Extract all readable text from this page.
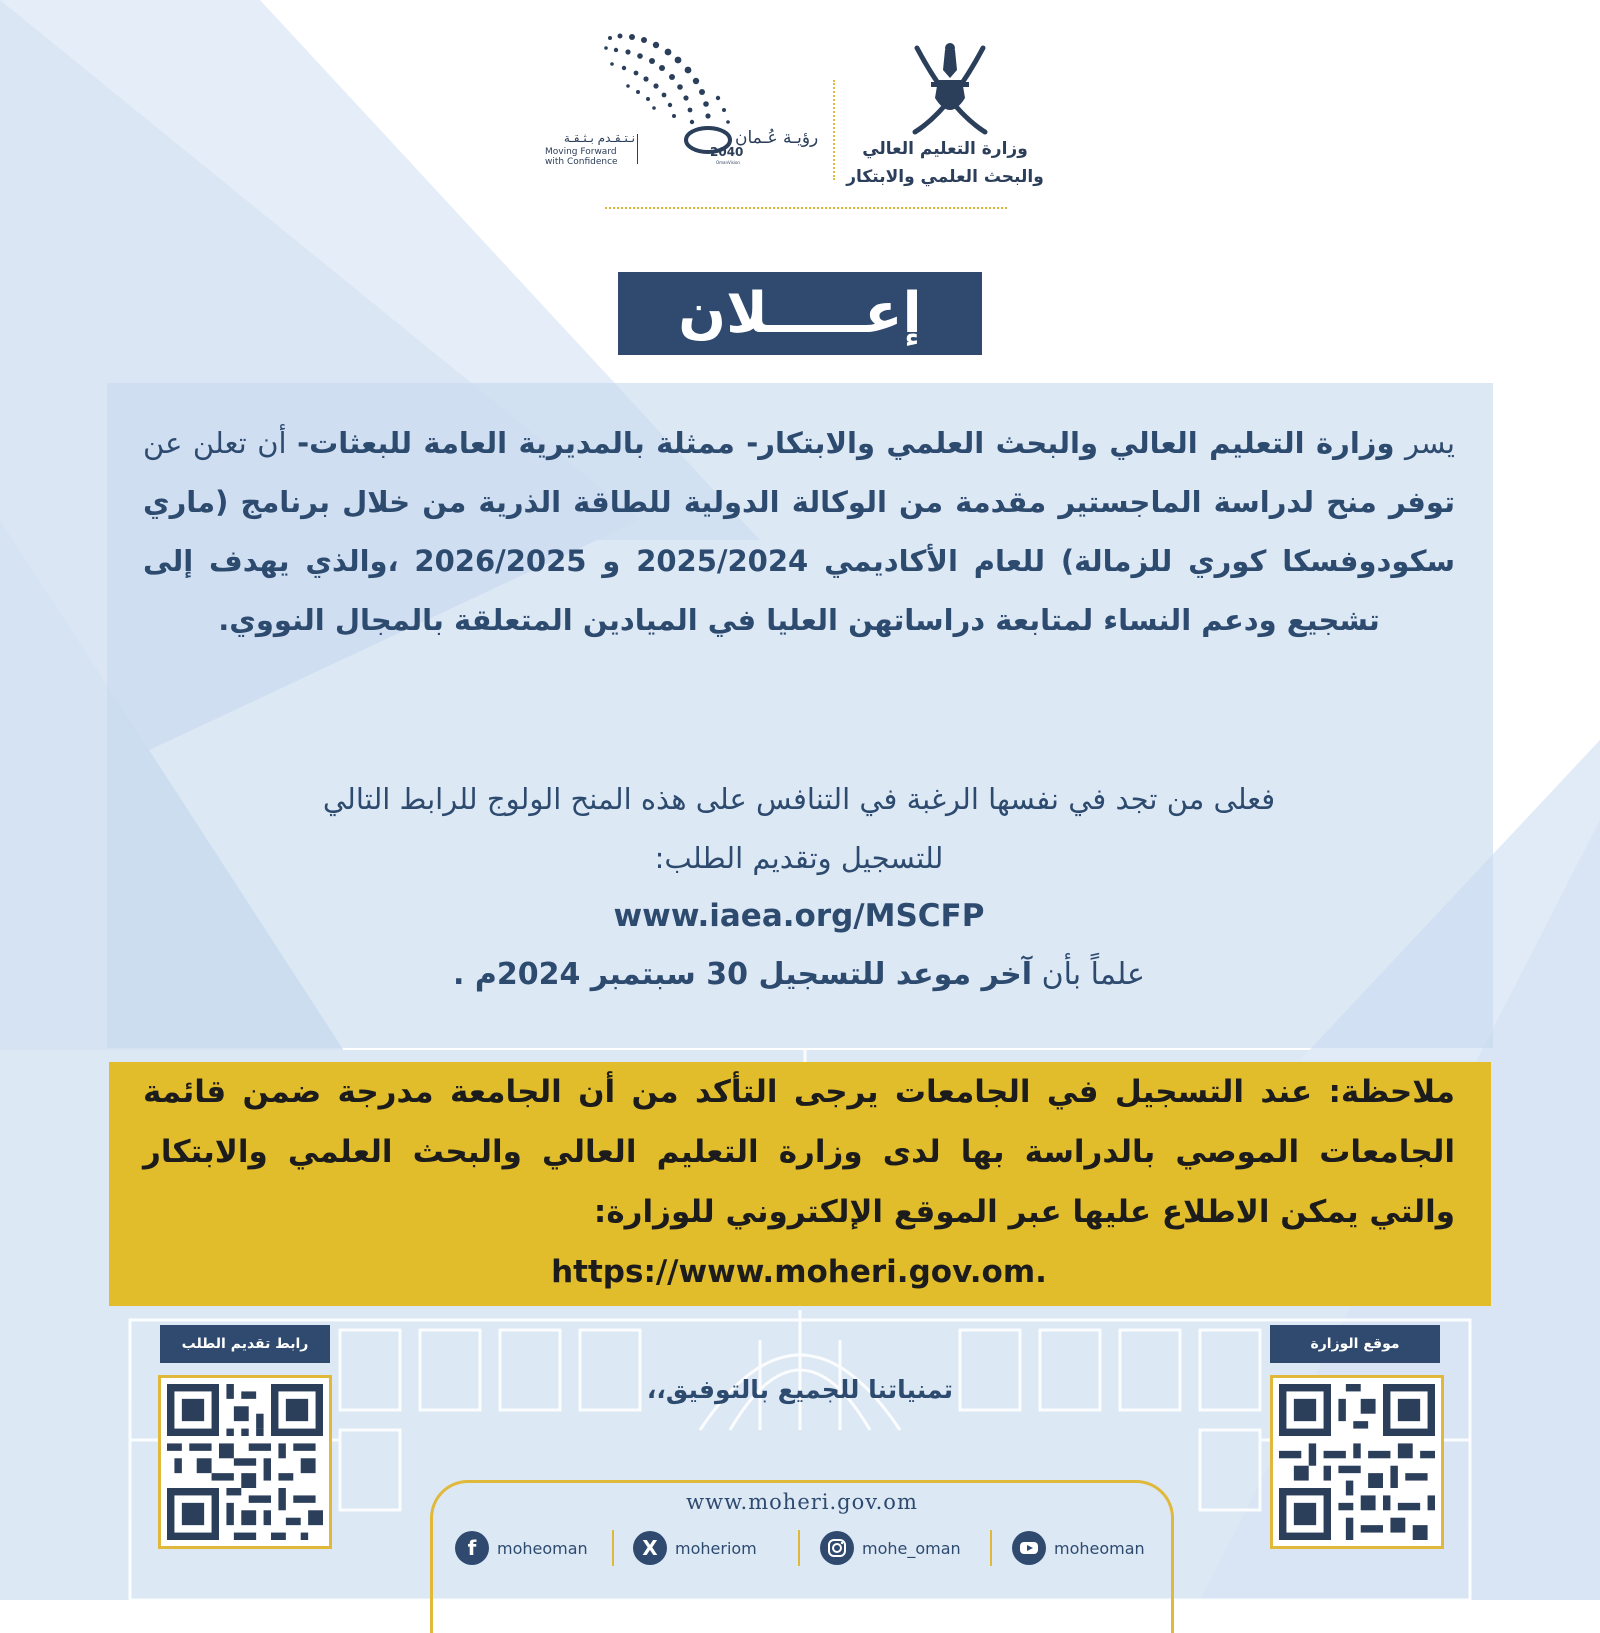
وزارة التعليم العالي
والبحث العلمي والابتكار
رؤيـة عُـمان
2040
OmanVision
نـتـقـدم بـثـقـة
Moving Forward
with Confidence
إعـــــلان
يسر وزارة التعليم العالي والبحث العلمي والابتكار- ممثلة بالمديرية العامة للبعثات- أن تعلن عن توفر منح لدراسة الماجستير مقدمة من الوكالة الدولية للطاقة الذرية من خلال برنامج (ماري سكودوفسكا كوري للزمالة) للعام الأكاديمي 2025/2024 و 2026/2025 ،والذي يهدف إلى تشجيع ودعم النساء لمتابعة دراساتهن العليا في الميادين المتعلقة بالمجال النووي.
فعلى من تجد في نفسها الرغبة في التنافس على هذه المنح الولوج للرابط التالي
للتسجيل وتقديم الطلب:
www.iaea.org/MSCFP
علماً بأن آخر موعد للتسجيل 30 سبتمبر 2024م .
ملاحظة: عند التسجيل في الجامعات يرجى التأكد من أن الجامعة مدرجة ضمن قائمة الجامعات الموصي بالدراسة بها لدى وزارة التعليم العالي والبحث العلمي والابتكار والتي يمكن الاطلاع عليها عبر الموقع الإلكتروني للوزارة:
https://www.moheri.gov.om.
رابط تقديم الطلب	موقع الوزارة
تمنياتنا للجميع بالتوفيق،،
www.moheri.gov.om
f	moheoman	X	moheriom	mohe_oman	moheoman
